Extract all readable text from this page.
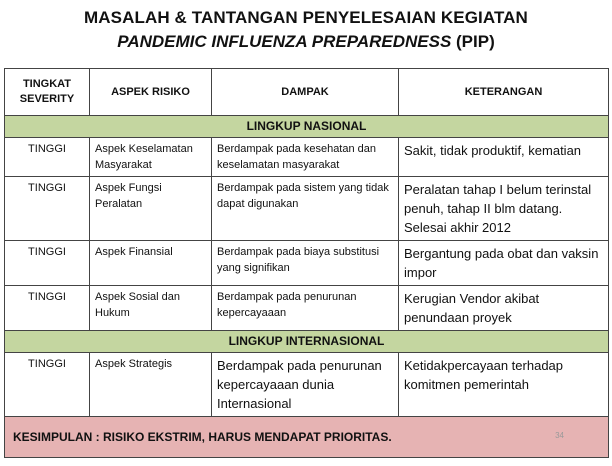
MASALAH & TANTANGAN PENYELESAIAN KEGIATAN
PANDEMIC INFLUENZA PREPAREDNESS (PIP)
TINGKAT
SEVERITY	ASPEK RISIKO	DAMPAK	KETERANGAN
LINGKUP NASIONAL			
TINGGI	Aspek Keselamatan Masyarakat	Berdampak pada kesehatan dan keselamatan masyarakat	Sakit, tidak produktif, kematian
TINGGI	Aspek Fungsi Peralatan	Berdampak pada sistem yang tidak dapat digunakan	Peralatan tahap I belum terinstal penuh, tahap II blm datang. Selesai akhir 2012
TINGGI	Aspek Finansial	Berdampak pada biaya substitusi yang signifikan	Bergantung pada obat dan vaksin impor
TINGGI	Aspek Sosial dan Hukum	Berdampak pada penurunan kepercayaaan	Kerugian Vendor akibat penundaan proyek
LINGKUP INTERNASIONAL			
TINGGI	Aspek Strategis	Berdampak pada penurunan kepercayaaan dunia Internasional	Ketidakpercayaan terhadap komitmen pemerintah
KESIMPULAN : RISIKO EKSTRIM, HARUS MENDAPAT PRIORITAS. 34			
